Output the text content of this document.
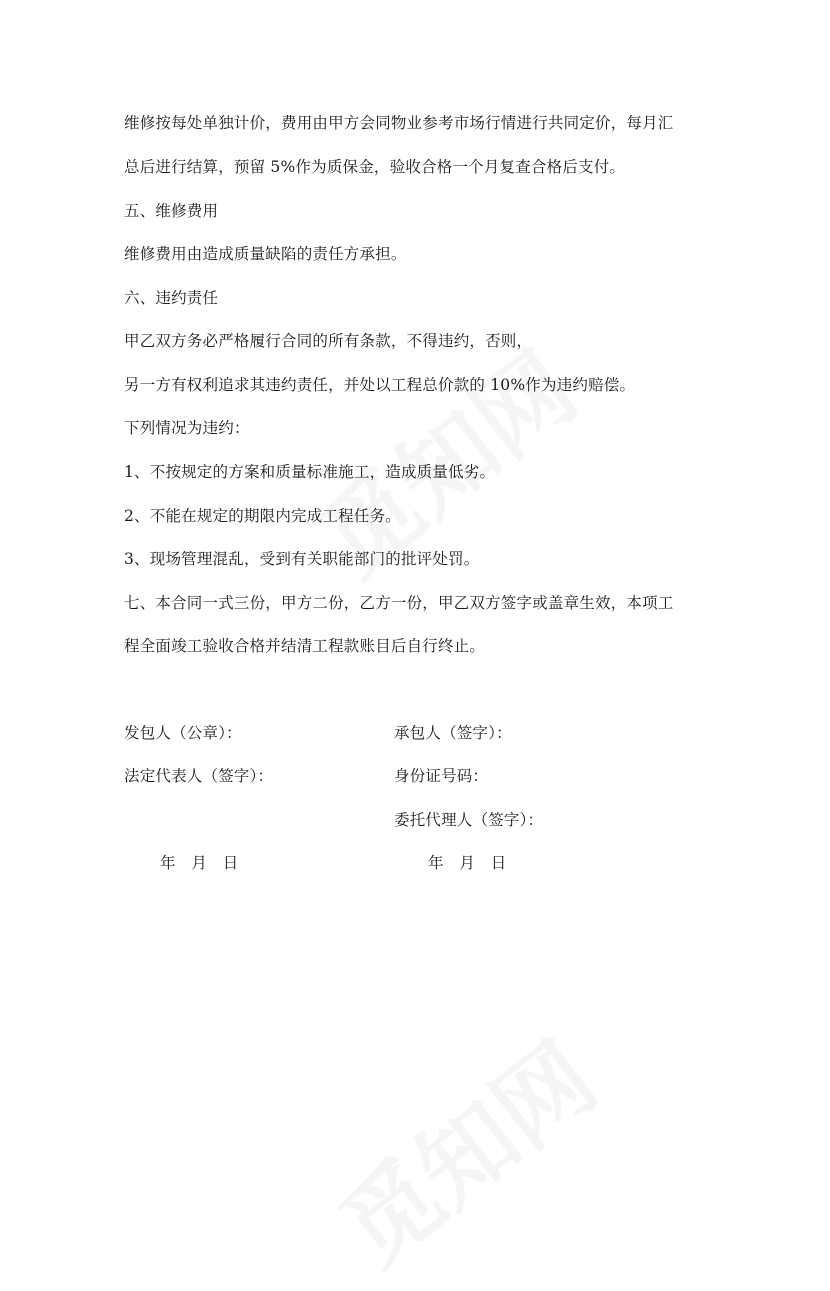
维修按每处单独计价，费用由甲方会同物业参考市场行情进行共同定价，每月汇
总后进行结算，预留 5%作为质保金，验收合格一个月复查合格后支付。
五、维修费用
维修费用由造成质量缺陷的责任方承担。
六、违约责任
甲乙双方务必严格履行合同的所有条款，不得违约，否则，
另一方有权利追求其违约责任，并处以工程总价款的 10%作为违约赔偿。
下列情况为违约：
1、不按规定的方案和质量标准施工，造成质量低劣。
2、不能在规定的期限内完成工程任务。
3、现场管理混乱，受到有关职能部门的批评处罚。
七、本合同一式三份，甲方二份，乙方一份，甲乙双方签字或盖章生效，本项工
程全面竣工验收合格并结清工程款账目后自行终止。
发包人（公章）：
法定代表人（签字）：
年　月　日
承包人（签字）：
身份证号码：
委托代理人（签字）：
年　月　日
